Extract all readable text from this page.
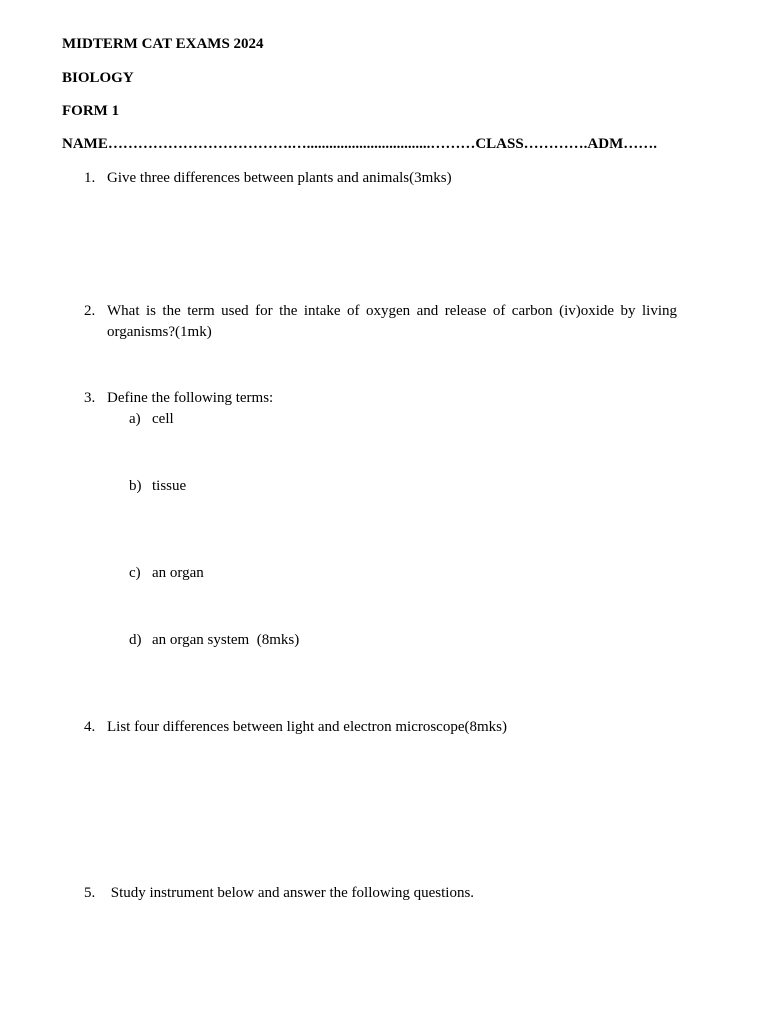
MIDTERM CAT EXAMS 2024
BIOLOGY
FORM 1
NAME……………………………….….................................………CLASS………….ADM…….
1. Give three differences between plants and animals(3mks)
2. What is the term used for the intake of oxygen and release of carbon (iv)oxide by living organisms?(1mk)
3. Define the following terms:
a) cell
b) tissue
c) an organ
d) an organ system  (8mks)
4. List four differences between light and electron microscope(8mks)
5. Study instrument below and answer the following questions.
